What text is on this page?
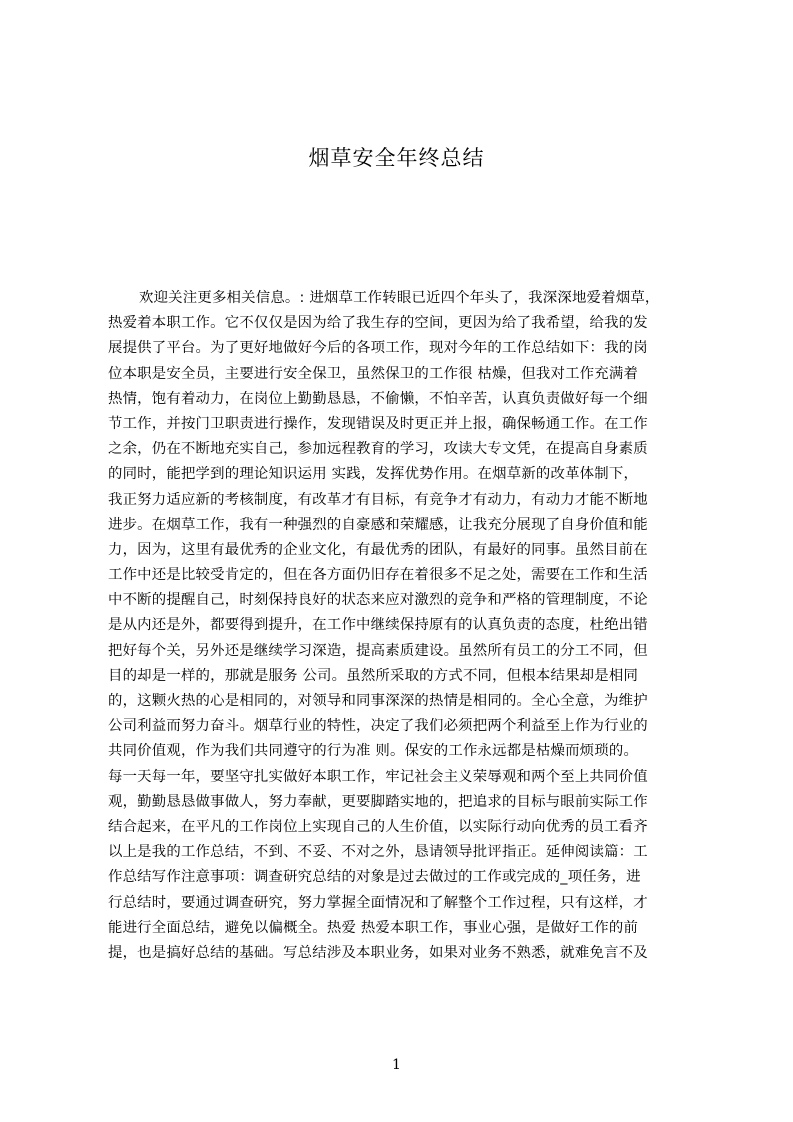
烟草安全年终总结
欢迎关注更多相关信息。: 进烟草工作转眼已近四个年头了，我深深地爱着烟草，
热爱着本职工作。它不仅仅是因为给了我生存的空间，更因为给了我希望，给我的发
展提供了平台。为了更好地做好今后的各项工作，现对今年的工作总结如下：我的岗
位本职是安全员，主要进行安全保卫，虽然保卫的工作很 枯燥，但我对工作充满着
热情，饱有着动力，在岗位上勤勤恳恳，不偷懒，不怕辛苦，认真负责做好每一个细
节工作，并按门卫职责进行操作，发现错误及时更正并上报，确保畅通工作。在工作
之余，仍在不断地充实自己，参加远程教育的学习，攻读大专文凭，在提高自身素质
的同时，能把学到的理论知识运用 实践，发挥优势作用。在烟草新的改革体制下，
我正努力适应新的考核制度，有改革才有目标，有竞争才有动力，有动力才能不断地
进步。在烟草工作，我有一种强烈的自豪感和荣耀感，让我充分展现了自身价值和能
力，因为，这里有最优秀的企业文化，有最优秀的团队，有最好的同事。虽然目前在
工作中还是比较受肯定的，但在各方面仍旧存在着很多不足之处，需要在工作和生活
中不断的提醒自己，时刻保持良好的状态来应对激烈的竞争和严格的管理制度，不论
是从内还是外，都要得到提升，在工作中继续保持原有的认真负责的态度，杜绝出错
把好每个关，另外还是继续学习深造，提高素质建设。虽然所有员工的分工不同，但
目的却是一样的，那就是服务 公司。虽然所采取的方式不同，但根本结果却是相同
的，这颗火热的心是相同的，对领导和同事深深的热情是相同的。全心全意，为维护
公司利益而努力奋斗。烟草行业的特性，决定了我们必须把两个利益至上作为行业的
共同价值观，作为我们共同遵守的行为准 则。保安的工作永远都是枯燥而烦琐的。
每一天每一年，要坚守扎实做好本职工作，牢记社会主义荣辱观和两个至上共同价值
观，勤勤恳恳做事做人，努力奉献，更要脚踏实地的，把追求的目标与眼前实际工作
结合起来，在平凡的工作岗位上实现自己的人生价值，以实际行动向优秀的员工看齐
以上是我的工作总结，不到、不妥、不对之外，恳请领导批评指正。延伸阅读篇：工
作总结写作注意事项：调查研究总结的对象是过去做过的工作或完成的_项任务，进
行总结时，要通过调查研究，努力掌握全面情况和了解整个工作过程，只有这样，才
能进行全面总结，避免以偏概全。热爱 热爱本职工作，事业心强，是做好工作的前
提，也是搞好总结的基础。写总结涉及本职业务，如果对业务不熟悉，就难免言不及
1
